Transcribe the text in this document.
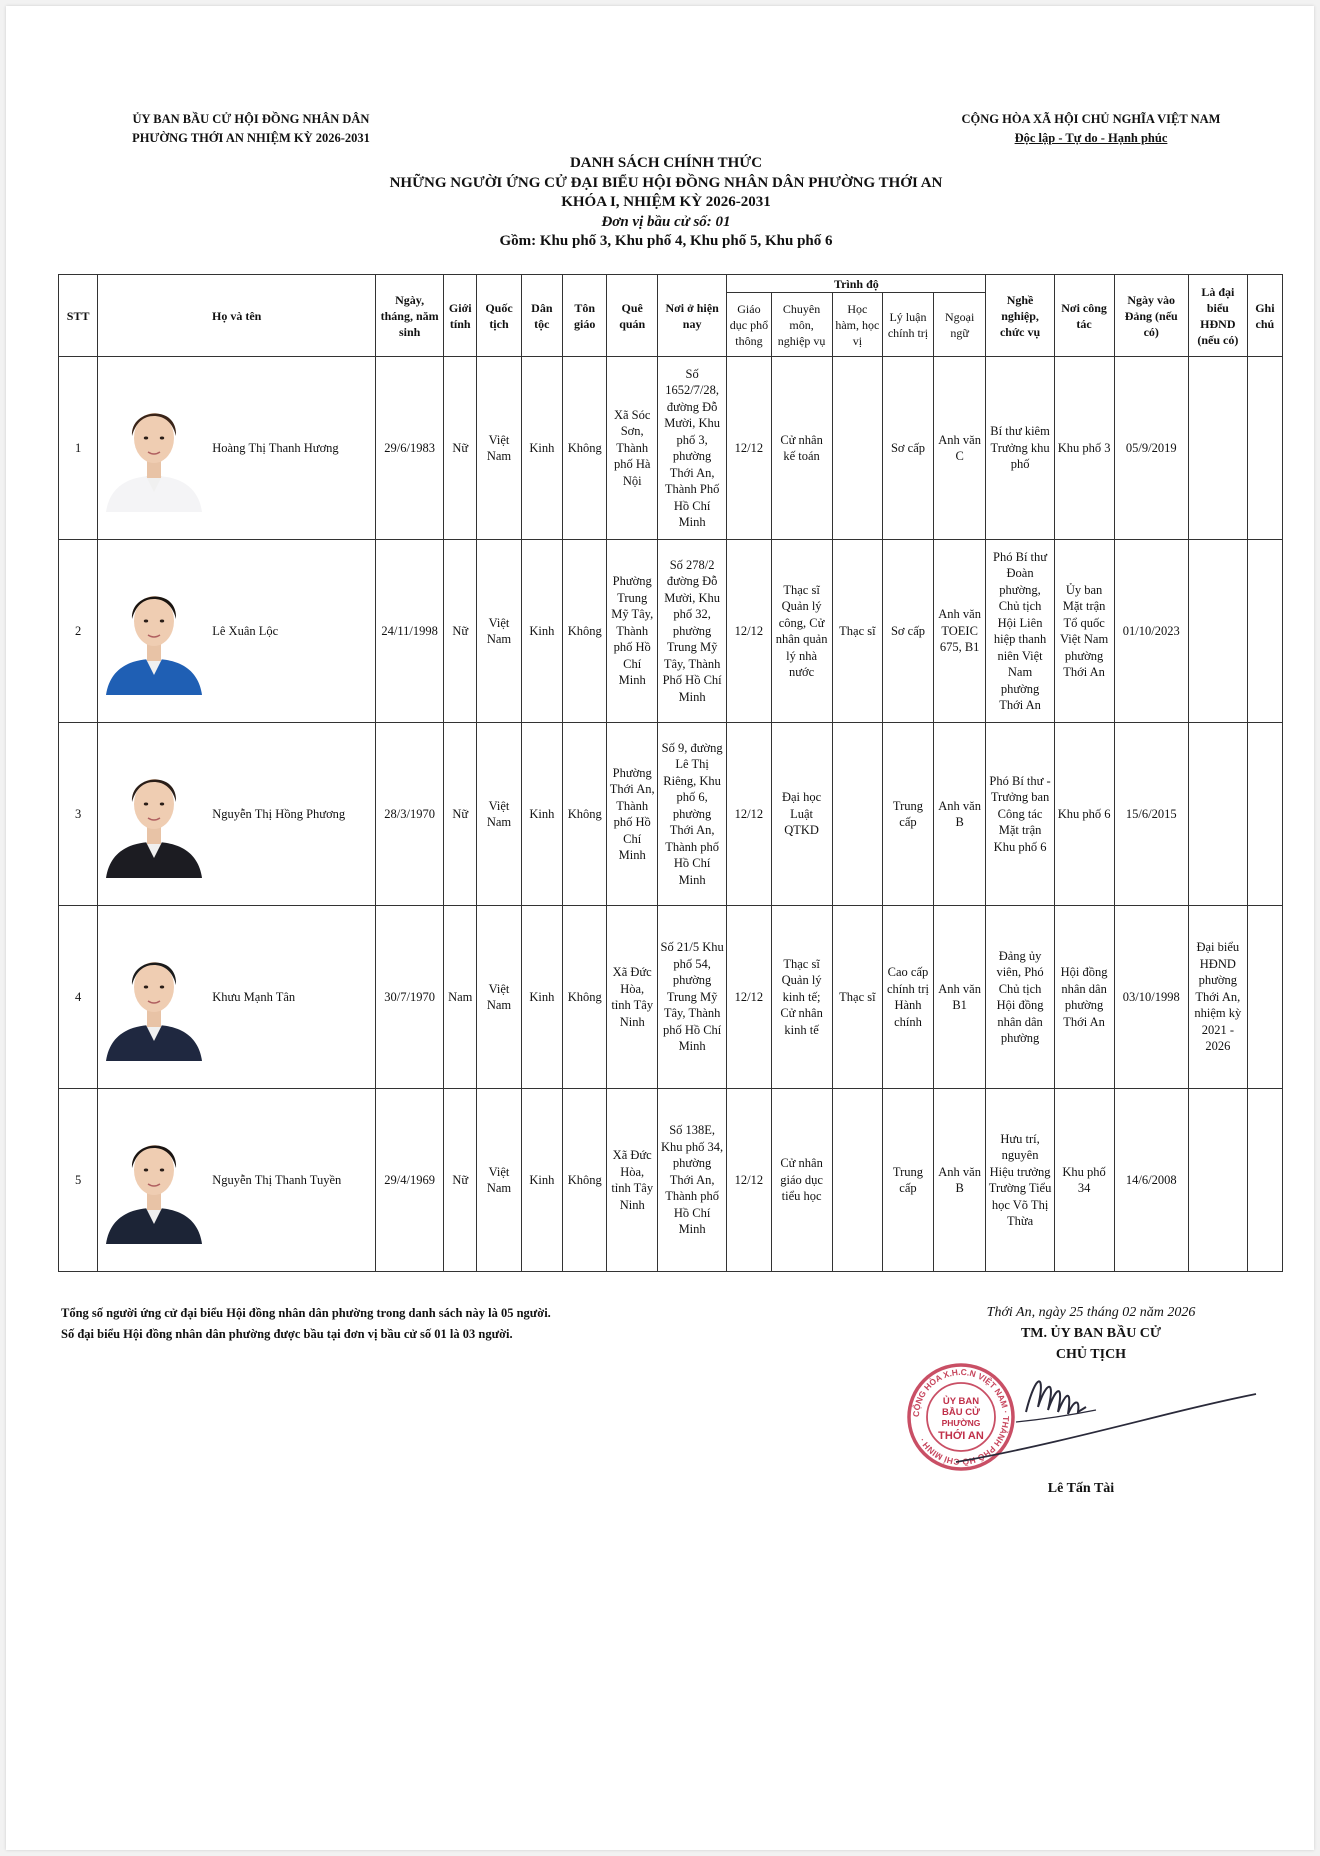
ỦY BAN BẦU CỬ HỘI ĐỒNG NHÂN DÂN
PHƯỜNG THỚI AN NHIỆM KỲ 2026-2031
CỘNG HÒA XÃ HỘI CHỦ NGHĨA VIỆT NAM
Độc lập - Tự do - Hạnh phúc
DANH SÁCH CHÍNH THỨC
NHỮNG NGƯỜI ỨNG CỬ ĐẠI BIỂU HỘI ĐỒNG NHÂN DÂN PHƯỜNG THỚI AN
KHÓA I, NHIỆM KỲ 2026-2031
Đơn vị bầu cử số: 01
Gồm: Khu phố 3, Khu phố 4, Khu phố 5, Khu phố 6
STT	Họ và tên	Ngày, tháng, năm sinh	Giới tính	Quốc tịch	Dân tộc	Tôn giáo	Quê quán	Nơi ở hiện nay	Trình độ					Nghề nghiệp, chức vụ	Nơi công tác	Ngày vào Đảng (nếu có)	Là đại biểu HĐND (nếu có)	Ghi chú
									Giáo dục phổ thông	Chuyên môn, nghiệp vụ	Học hàm, học vị	Lý luận chính trị	Ngoại ngữ					
1	Hoàng Thị Thanh Hương	29/6/1983	Nữ	Việt Nam	Kinh	Không	Xã Sóc Sơn, Thành phố Hà Nội	Số 1652/7/28, đường Đỗ Mười, Khu phố 3, phường Thới An, Thành Phố Hồ Chí Minh	12/12	Cử nhân kế toán		Sơ cấp	Anh văn C	Bí thư kiêm Trưởng khu phố	Khu phố 3	05/9/2019		
2	Lê Xuân Lộc	24/11/1998	Nữ	Việt Nam	Kinh	Không	Phường Trung Mỹ Tây, Thành phố Hồ Chí Minh	Số 278/2 đường Đỗ Mười, Khu phố 32, phường Trung Mỹ Tây, Thành Phố Hồ Chí Minh	12/12	Thạc sĩ Quản lý công, Cử nhân quản lý nhà nước	Thạc sĩ	Sơ cấp	Anh văn TOEIC 675, B1	Phó Bí thư Đoàn phường, Chủ tịch Hội Liên hiệp thanh niên Việt Nam phường Thới An	Ủy ban Mặt trận Tổ quốc Việt Nam phường Thới An	01/10/2023		
3	Nguyễn Thị Hồng Phương	28/3/1970	Nữ	Việt Nam	Kinh	Không	Phường Thới An, Thành phố Hồ Chí Minh	Số 9, đường Lê Thị Riêng, Khu phố 6, phường Thới An, Thành phố Hồ Chí Minh	12/12	Đại học Luật QTKD		Trung cấp	Anh văn B	Phó Bí thư - Trưởng ban Công tác Mặt trận Khu phố 6	Khu phố 6	15/6/2015		
4	Khưu Mạnh Tân	30/7/1970	Nam	Việt Nam	Kinh	Không	Xã Đức Hòa, tỉnh Tây Ninh	Số 21/5 Khu phố 54, phường Trung Mỹ Tây, Thành phố Hồ Chí Minh	12/12	Thạc sĩ Quản lý kinh tế; Cử nhân kinh tế	Thạc sĩ	Cao cấp chính trị Hành chính	Anh văn B1	Đảng ủy viên, Phó Chủ tịch Hội đồng nhân dân phường	Hội đồng nhân dân phường Thới An	03/10/1998	Đại biểu HĐND phường Thới An, nhiệm kỳ 2021 - 2026	
5	Nguyễn Thị Thanh Tuyền	29/4/1969	Nữ	Việt Nam	Kinh	Không	Xã Đức Hòa, tỉnh Tây Ninh	Số 138E, Khu phố 34, phường Thới An, Thành phố Hồ Chí Minh	12/12	Cử nhân giáo dục tiểu học		Trung cấp	Anh văn B	Hưu trí, nguyên Hiệu trưởng Trường Tiểu học Võ Thị Thừa	Khu phố 34	14/6/2008		
Tổng số người ứng cử đại biểu Hội đồng nhân dân phường trong danh sách này là 05 người.
Số đại biểu Hội đồng nhân dân phường được bầu tại đơn vị bầu cử số 01 là 03 người.
Thới An, ngày 25 tháng 02 năm 2026
TM. ỦY BAN BẦU CỬ
CHỦ TỊCH
CỘNG HÒA X.H.C.N VIỆT NAM · THÀNH PHỐ HỒ CHÍ MINH ·
ỦY BAN
BẦU CỬ
PHƯỜNG
THỚI AN
Lê Tấn Tài
